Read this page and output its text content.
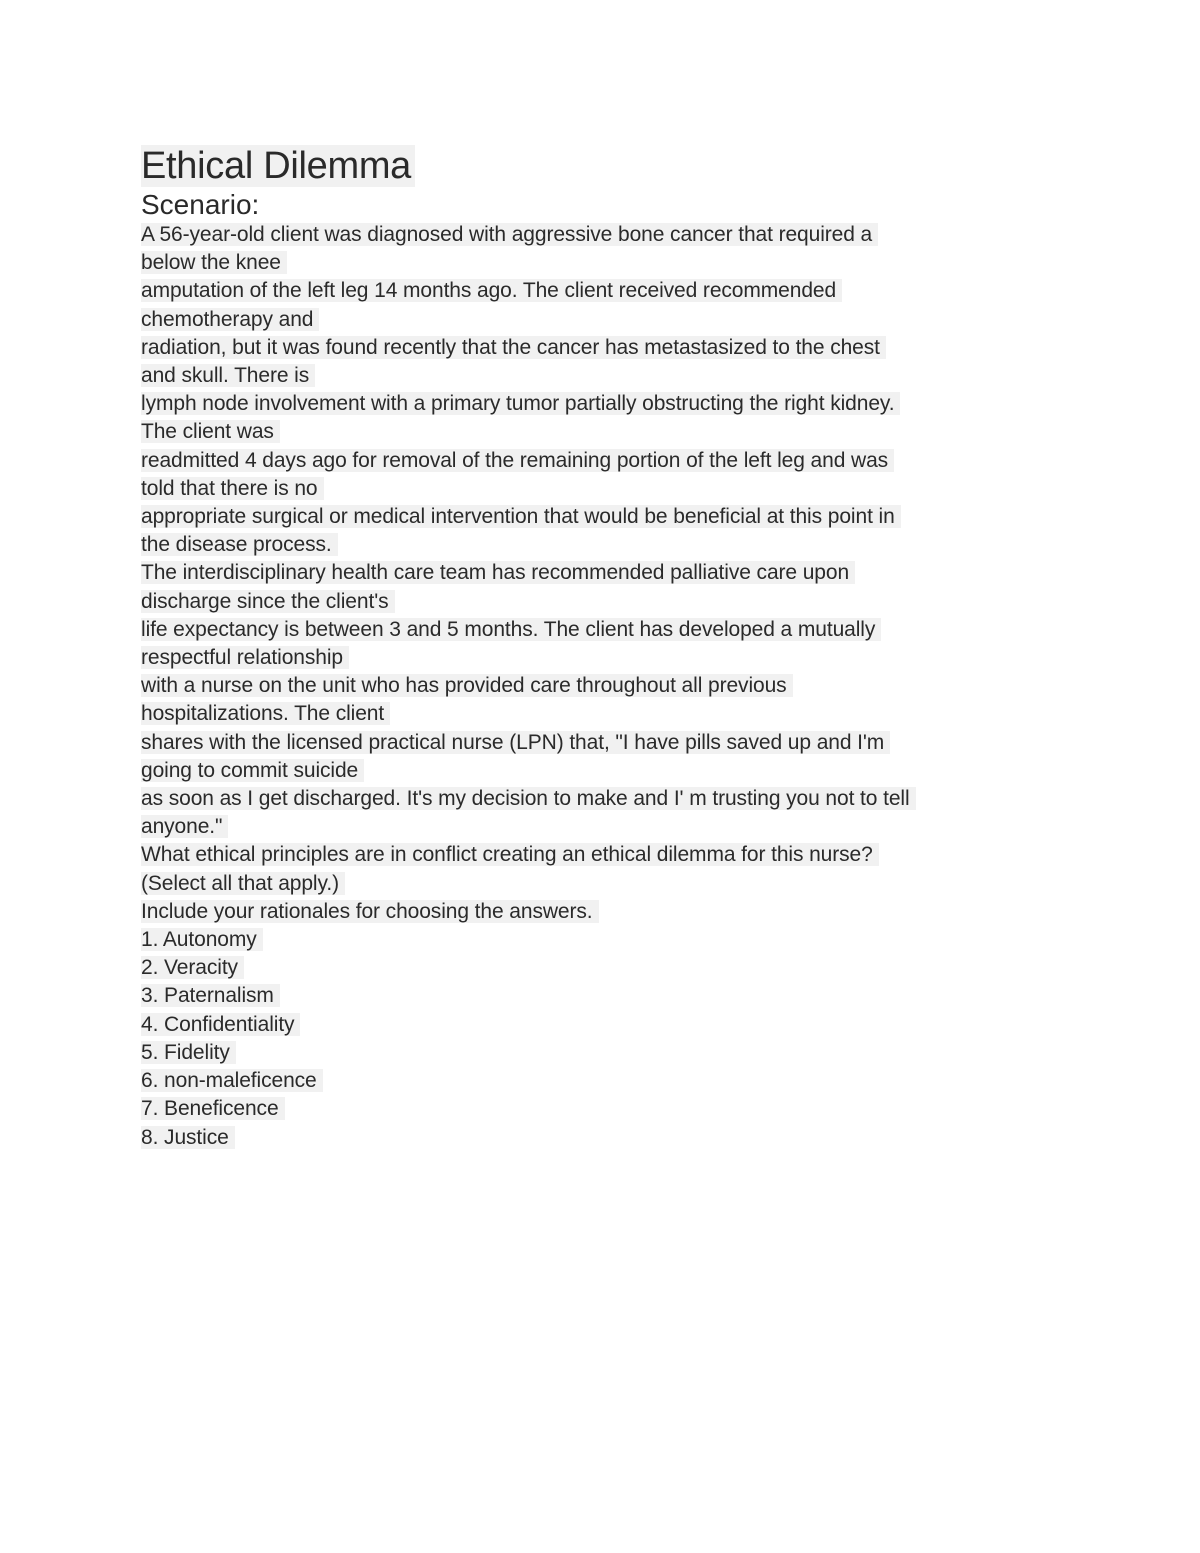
Ethical Dilemma
Scenario:
A 56-year-old client was diagnosed with aggressive bone cancer that required a
below the knee
amputation of the left leg 14 months ago. The client received recommended
chemotherapy and
radiation, but it was found recently that the cancer has metastasized to the chest
and skull. There is
lymph node involvement with a primary tumor partially obstructing the right kidney.
The client was
readmitted 4 days ago for removal of the remaining portion of the left leg and was
told that there is no
appropriate surgical or medical intervention that would be beneficial at this point in
the disease process.
The interdisciplinary health care team has recommended palliative care upon
discharge since the client's
life expectancy is between 3 and 5 months. The client has developed a mutually
respectful relationship
with a nurse on the unit who has provided care throughout all previous
hospitalizations. The client
shares with the licensed practical nurse (LPN) that, "I have pills saved up and I'm
going to commit suicide
as soon as I get discharged. It's my decision to make and I' m trusting you not to tell
anyone."
What ethical principles are in conflict creating an ethical dilemma for this nurse?
(Select all that apply.)
Include your rationales for choosing the answers.
1. Autonomy
2. Veracity
3. Paternalism
4. Confidentiality
5. Fidelity
6. non-maleficence
7. Beneficence
8. Justice
